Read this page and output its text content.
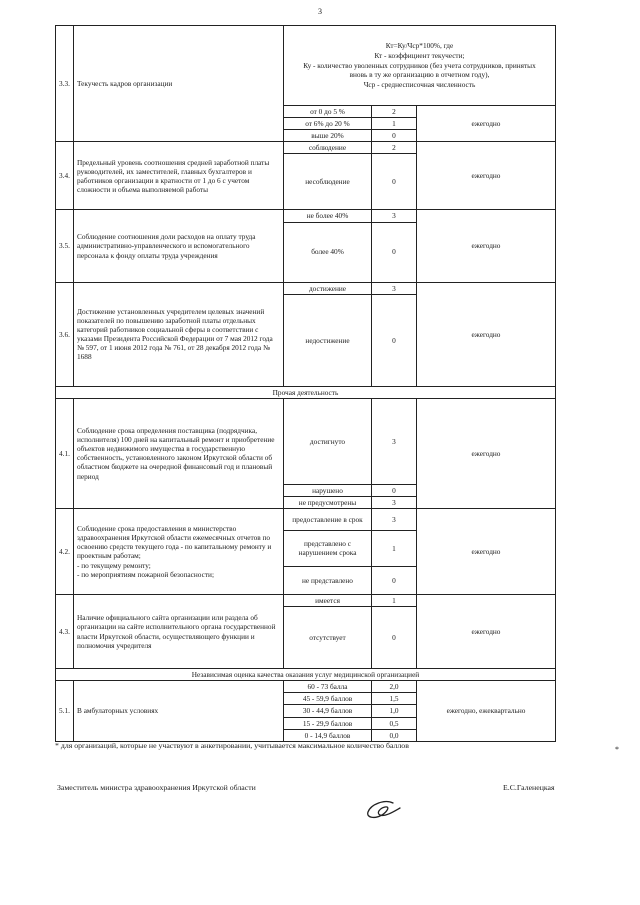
3
3.3.	Текучесть кадров организации	Кт=Ку/Чср*100%, где
Кт - коэффициент текучести;
Ку - количество уволенных сотрудников (без учета сотрудников, принятых
вновь в ту же организацию в отчетном году),
Чср - среднесписочная численность		

		от 0 до 5 %	2	ежегодно
		от 6% до 20 %	1	
		выше 20%	0	
3.4.	Предельный уровень соотношения средней заработной платы руководителей, их заместителей, главных бухгалтеров и работников организации в кратности от 1 до 6 с учетом сложности и объема выполняемой работы	соблюдение	2	ежегодно
		несоблюдение	0	
3.5.	Соблюдение соотношения доли расходов на оплату труда административно-управленческого и вспомогательного персонала к фонду оплаты труда учреждения	не более 40%	3	ежегодно
		более 40%	0	
3.6.	Достижение установленных учредителем целевых значений показателей по повышению заработной платы отдельных категорий работников социальной сферы в соответствии с указами Президента Российской Федерации от 7 мая 2012 года № 597, от 1 июня 2012 года № 761, от 28 декабря 2012 года № 1688	достижение	3	ежегодно
		недостижение	0	
Прочая деятельность				
4.1.	Соблюдение срока определения поставщика (подрядчика, исполнителя) 100 дней на капитальный ремонт и приобретение объектов недвижимого имущества в государственную собственность, установленного законом Иркутской области об областном бюджете на очередной финансовый год и плановый период	достигнуто	3	ежегодно
		нарушено	0	
		не предусмотрены	3	
4.2.	Соблюдение срока предоставления в министерство здравоохранения Иркутской области ежемесячных отчетов по освоению средств текущего года - по капитальному ремонту и проектным работам;
- по текущему ремонту;
- по мероприятиям пожарной безопасности;	предоставление в срок	3	ежегодно
		представлено с нарушением срока	1	
		не представлено	0	
4.3.	Наличие официального сайта организации или раздела об организации на сайте исполнительного органа государственной власти Иркутской области, осуществляющего функции и полномочия учредителя	имеется	1	ежегодно
		отсутствует	0	
Независимая оценка качества оказания услуг медицинской организацией				
5.1.	В амбулаторных условиях	60 - 73 балла	2,0	ежегодно, ежеквартально
		45 - 59,9 баллов	1,5	
		30 - 44,9 баллов	1,0	
		15 - 29,9 баллов	0,5	
		0 - 14,9 баллов	0,0	
* для организаций, которые не участвуют в анкетировании, учитывается максимальное количество баллов	*
Заместитель министра здравоохранения Иркутской области	Е.С.Галенецкая
